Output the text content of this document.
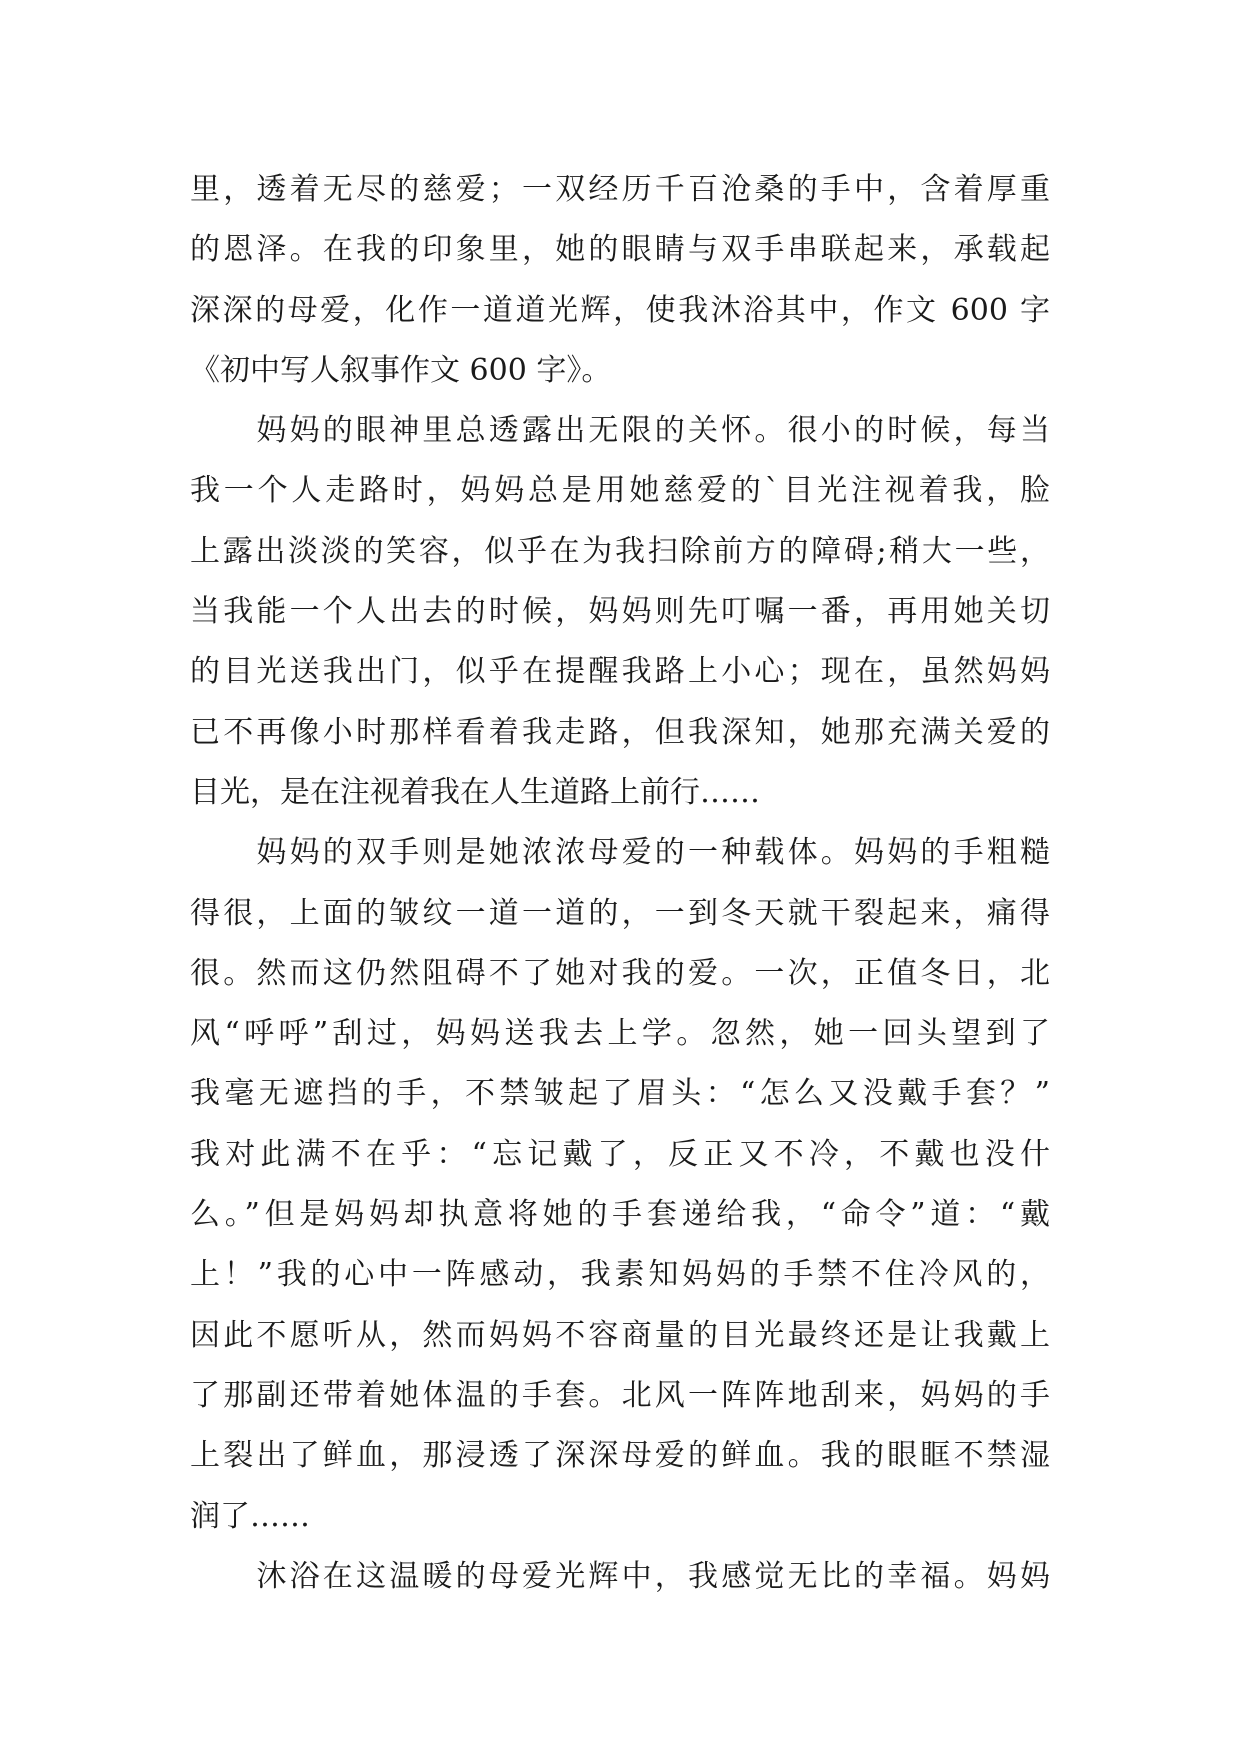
里，透着无尽的慈爱；一双经历千百沧桑的手中，含着厚重
的恩泽。在我的印象里，她的眼睛与双手串联起来，承载起
深深的母爱，化作一道道光辉，使我沐浴其中，作文 600 字
《初中写人叙事作文 600 字》。
　　妈妈的眼神里总透露出无限的关怀。很小的时候，每当
我一个人走路时，妈妈总是用她慈爱的`目光注视着我，脸
上露出淡淡的笑容，似乎在为我扫除前方的障碍;稍大一些，
当我能一个人出去的时候，妈妈则先叮嘱一番，再用她关切
的目光送我出门，似乎在提醒我路上小心；现在，虽然妈妈
已不再像小时那样看着我走路，但我深知，她那充满关爱的
目光，是在注视着我在人生道路上前行……
　　妈妈的双手则是她浓浓母爱的一种载体。妈妈的手粗糙
得很，上面的皱纹一道一道的，一到冬天就干裂起来，痛得
很。然而这仍然阻碍不了她对我的爱。一次，正值冬日，北
风“呼呼”刮过，妈妈送我去上学。忽然，她一回头望到了
我毫无遮挡的手，不禁皱起了眉头：“怎么又没戴手套？”
我对此满不在乎：“忘记戴了，反正又不冷，不戴也没什
么。”但是妈妈却执意将她的手套递给我，“命令”道：“戴
上！”我的心中一阵感动，我素知妈妈的手禁不住冷风的，
因此不愿听从，然而妈妈不容商量的目光最终还是让我戴上
了那副还带着她体温的手套。北风一阵阵地刮来，妈妈的手
上裂出了鲜血，那浸透了深深母爱的鲜血。我的眼眶不禁湿
润了……
　　沐浴在这温暖的母爱光辉中，我感觉无比的幸福。妈妈
